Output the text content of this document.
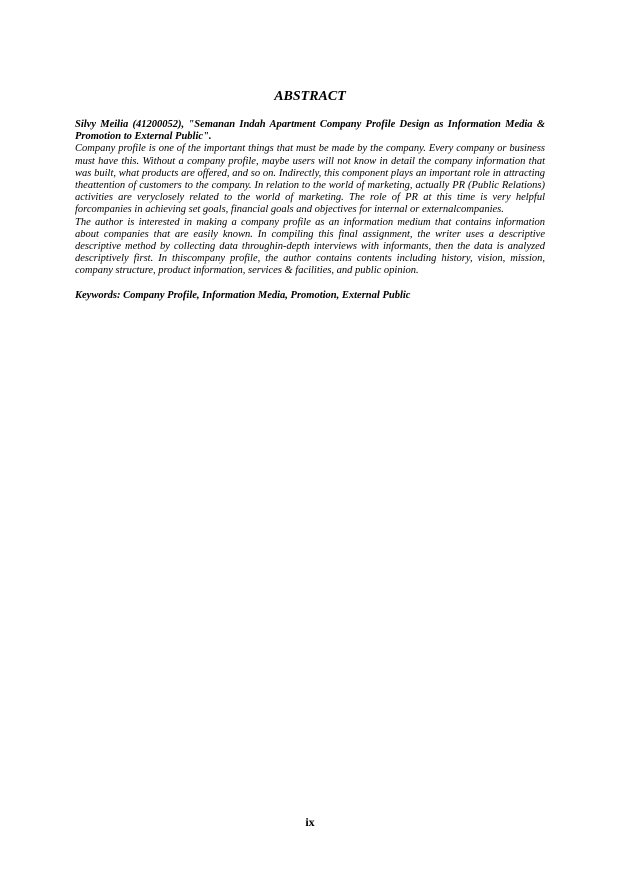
ABSTRACT

Silvy Meilia (41200052), "Semanan Indah Apartment Company Profile Design as Information Media & Promotion to External Public".

Company profile is one of the important things that must be made by the company. Every company or business must have this. Without a company profile, maybe users will not know in detail the company information that was built, what products are offered, and so on. Indirectly, this component plays an important role in attracting theattention of customers to the company. In relation to the world of marketing, actually PR (Public Relations) activities are veryclosely related to the world of marketing. The role of PR at this time is very helpful forcompanies in achieving set goals, financial goals and objectives for internal or externalcompanies.

The author is interested in making a company profile as an information medium that contains information about companies that are easily known. In compiling this final assignment, the writer uses a descriptive descriptive method by collecting data throughin-depth interviews with informants, then the data is analyzed descriptively first. In thiscompany profile, the author contains contents including history, vision, mission, company structure, product information, services & facilities, and public opinion.

Keywords: Company Profile, Information Media, Promotion, External Public

ix
